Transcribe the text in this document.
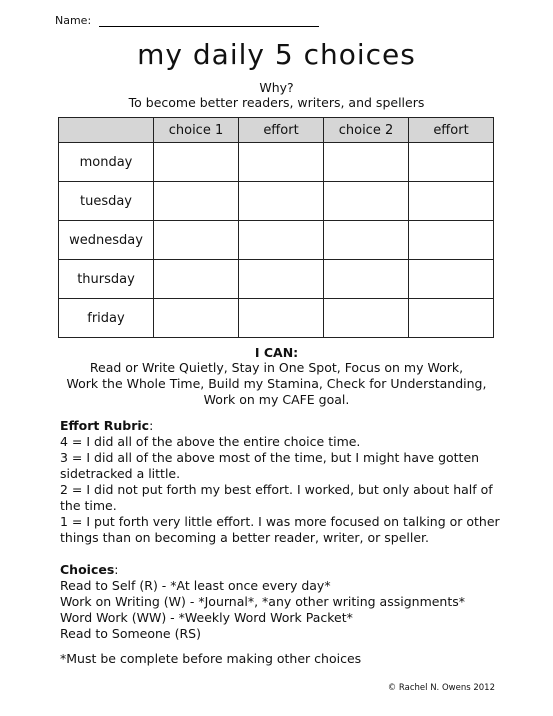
Name:
my daily 5 choices
Why?
To become better readers, writers, and spellers
	choice 1	effort	choice 2	effort
monday				
tuesday				
wednesday				
thursday				
friday				
I CAN:
Read or Write Quietly, Stay in One Spot, Focus on my Work,
Work the Whole Time, Build my Stamina, Check for Understanding,
Work on my CAFE goal.
Effort Rubric:
4 = I did all of the above the entire choice time.
3 = I did all of the above most of the time, but I might have gotten
sidetracked a little.
2 = I did not put forth my best effort. I worked, but only about half of
the time.
1 = I put forth very little effort. I was more focused on talking or other
things than on becoming a better reader, writer, or speller.
Choices:
Read to Self (R) - *At least once every day*
Work on Writing (W) - *Journal*, *any other writing assignments*
Word Work (WW) - *Weekly Word Work Packet*
Read to Someone (RS)
*Must be complete before making other choices
© Rachel N. Owens 2012
